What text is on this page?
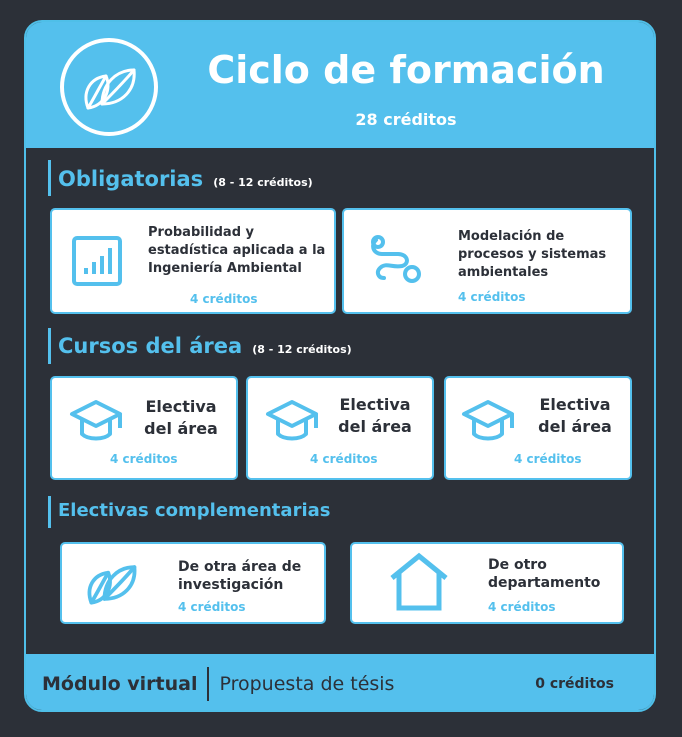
Ciclo de formación
28 créditos
Obligatorias (8 - 12 créditos)
Probabilidad y estadística aplicada a la Ingeniería Ambiental
4 créditos
Modelación de procesos y sistemas ambientales
4 créditos
Cursos del área (8 - 12 créditos)
Electiva del área
4 créditos
Electiva del área
4 créditos
Electiva del área
4 créditos
Electivas complementarias
De otra área de investigación
4 créditos
De otro departamento
4 créditos
Módulo virtual Propuesta de tésis	0 créditos
